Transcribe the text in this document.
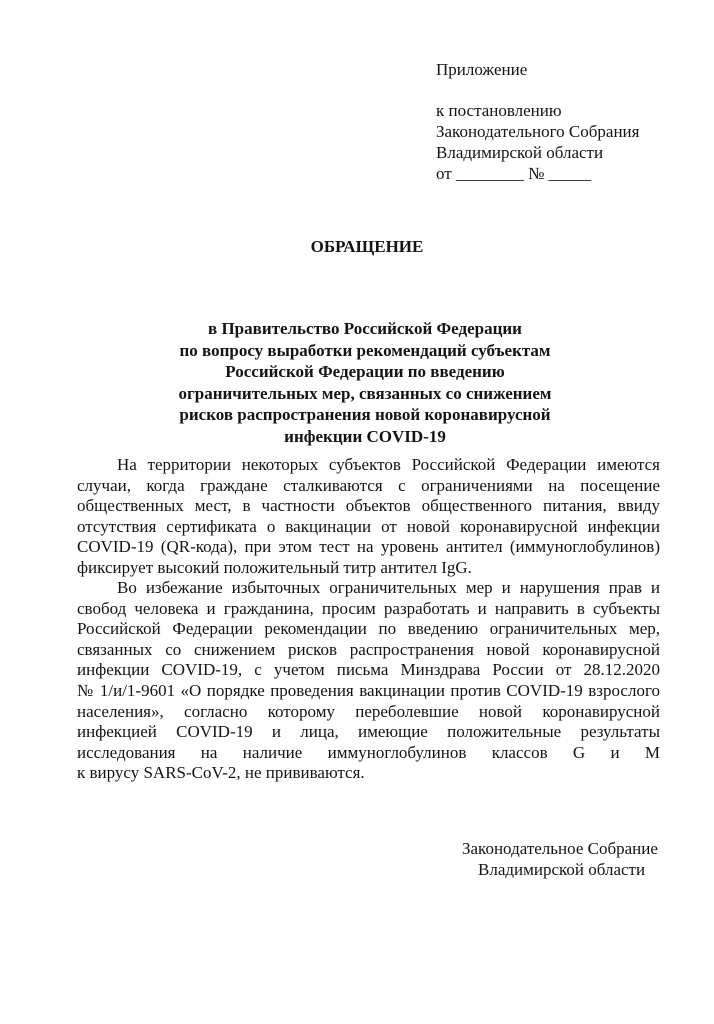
Приложение
к постановлению
Законодательного Собрания
Владимирской области
от ________ № _____
ОБРАЩЕНИЕ
в Правительство Российской Федерации
по вопросу выработки рекомендаций субъектам
Российской Федерации по введению
ограничительных мер, связанных со снижением
рисков распространения новой коронавирусной
инфекции COVID-19
На территории некоторых субъектов Российской Федерации имеются
случаи, когда граждане сталкиваются с ограничениями на посещение
общественных мест, в частности объектов общественного питания, ввиду
отсутствия сертификата о вакцинации от новой коронавирусной инфекции
COVID-19 (QR-кода), при этом тест на уровень антител (иммуноглобулинов)
фиксирует высокий положительный титр антител IgG.
Во избежание избыточных ограничительных мер и нарушения прав и
свобод человека и гражданина, просим разработать и направить в субъекты
Российской Федерации рекомендации по введению ограничительных мер,
связанных со снижением рисков распространения новой коронавирусной
инфекции COVID-19, с учетом письма Минздрава России от 28.12.2020
№ 1/и/1-9601 «О порядке проведения вакцинации против COVID-19 взрослого
населения», согласно которому переболевшие новой коронавирусной
инфекцией COVID-19 и лица, имеющие положительные результаты
исследования на наличие иммуноглобулинов классов G и M
к вирусу SARS-CoV-2, не прививаются.
Законодательное Собрание
Владимирской области
